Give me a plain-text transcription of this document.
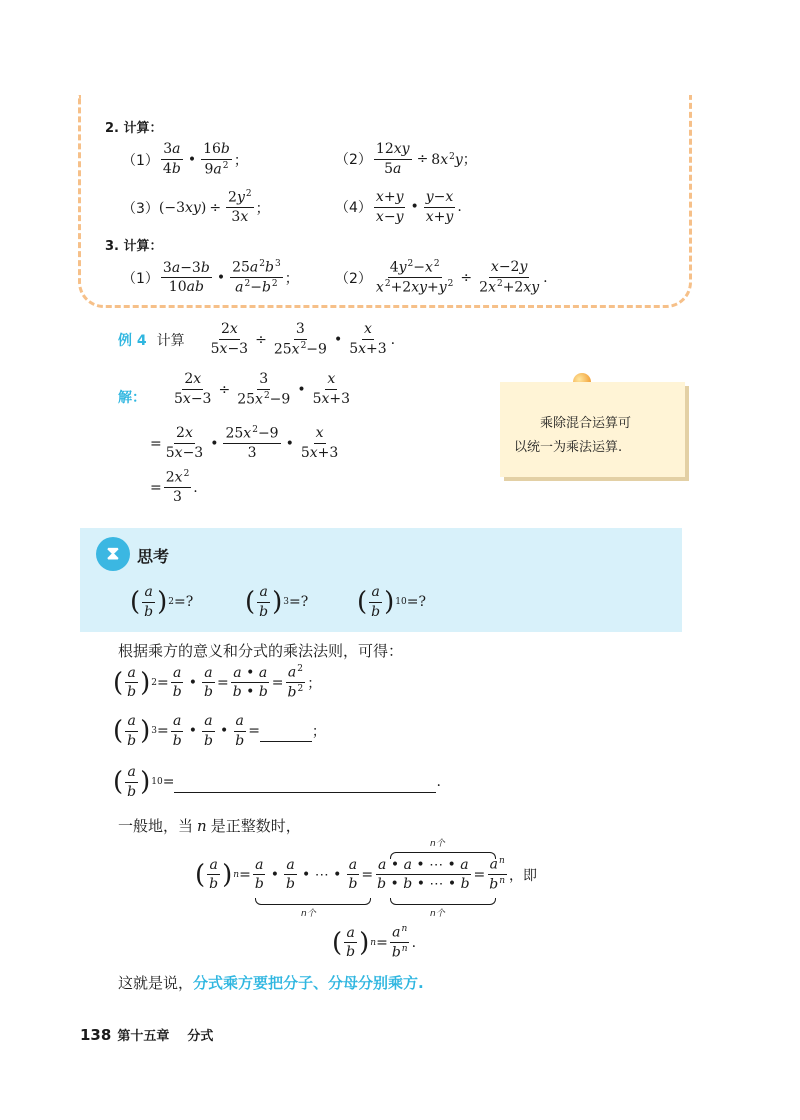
2. 计算：
$(1) \frac{3a}{4b}$ • $\frac{16b}{9a^2}$ ；	$(2) \frac{12xy}{5a} \div 8x^2y$；
（3） $(-3xy) \div \frac{2y^2}{3x}$ ；	$(4) \frac{x+y}{x-y}$ • $\frac{y-x}{x+y}$ .
3. 计算：
$(1) \frac{3a-3b}{10ab}$ • $\frac{25a^2b^3}{a^2-b^2}$ ；	$(2) \frac{4y^2-x^2}{x^2+2xy+y^2} \div \frac{x-2y}{2x^2+2xy}$ .
例 4 计算 $\frac{2x}{5x-3} \div \frac{3}{25x^2-9}$ • $\frac{x}{5x+3}$ .
解： $\frac{2x}{5x-3} \div \frac{3}{25x^2-9}$ • $\frac{x}{5x+3}$
= $\frac{2x}{5x-3}$ • $\frac{25x^2-9}{3}$ • $\frac{x}{5x+3}$
= $\frac{2x^2}{3}$ .
乘除混合运算可
以统一为乘法运算.
⧗	思考
( $\frac{a}{b}$ ) 2 =? ( $\frac{a}{b}$ ) 3 =? ( $\frac{a}{b}$ ) 10 =?
根据乘方的意义和分式的乘法法则，可得：
( $\frac{a}{b}$ ) $2 = \frac{a}{b}$ • $\frac{a}{b} = \frac{a • a}{b • b} = \frac{a^2}{b^2}$ ；
( $\frac{a}{b}$ ) $3 = \frac{a}{b}$ • $\frac{a}{b}$ • $\frac{a}{b}$ =	；
( $\frac{a}{b}$ ) 10 =	.
一般地，当 n 是正整数时，
( $\frac{a}{b}$ ) $n = \frac{a}{b}$ • $\frac{a}{b}$ • ⋯ • $\frac{a}{b} = \frac{a • a • \cdots • a}{b • b • \cdots • b} = \frac{a^n}{b^n}$ ，即
n个
n个
n个
( $\frac{a}{b}$ ) $n = \frac{a^n}{b^n}$ .
这就是说， 分式乘方要把分子、分母分别乘方.
138 第十五章 分式
